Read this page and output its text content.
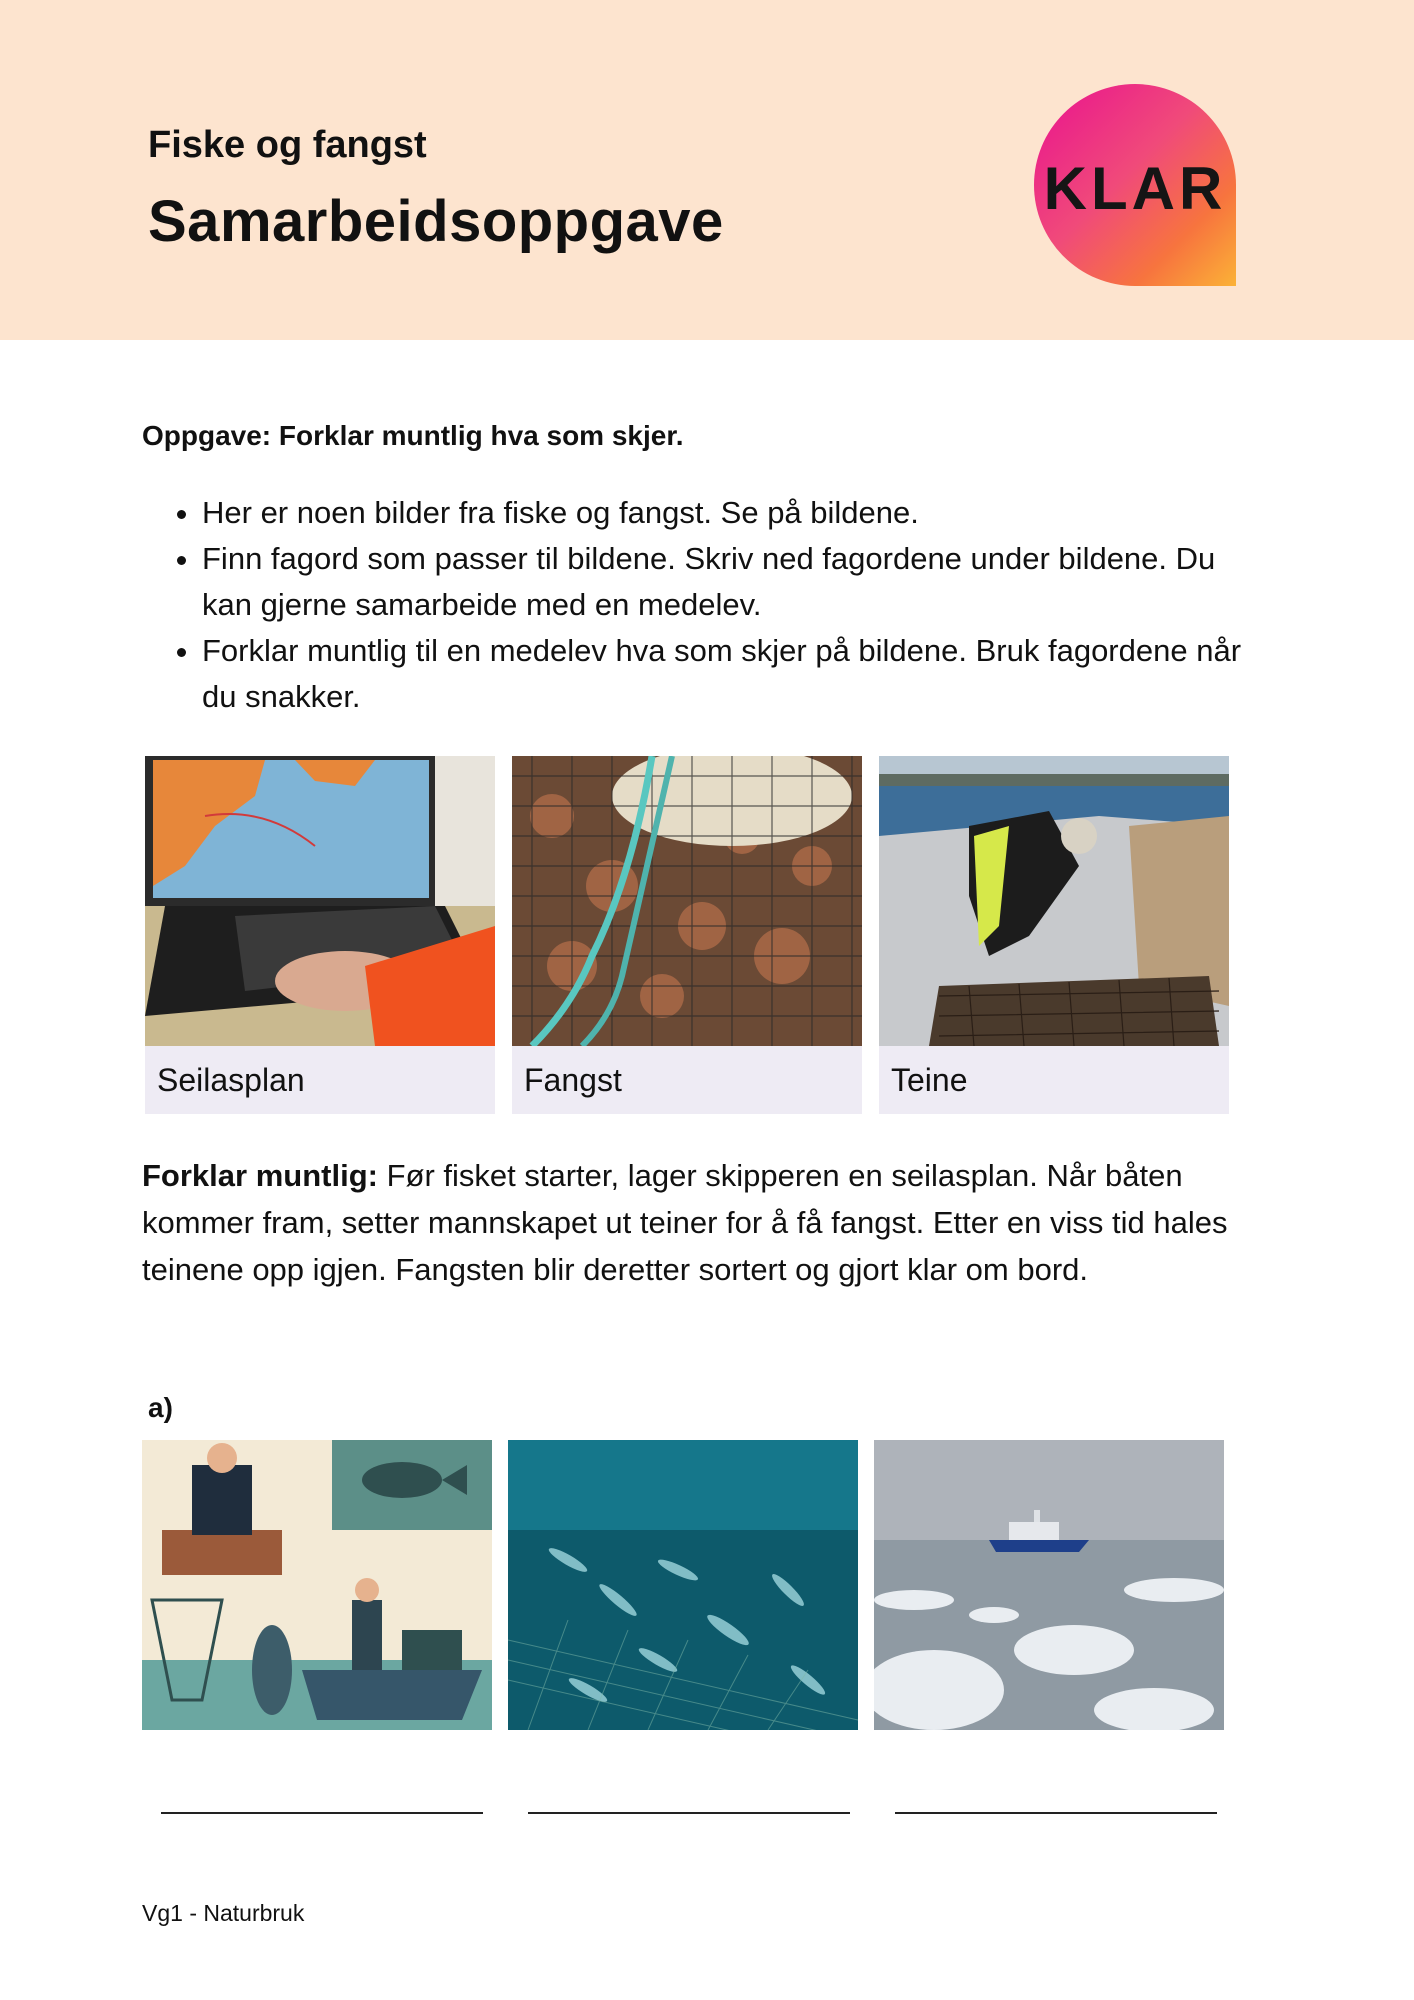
Fiske og fangst
Samarbeidsoppgave	KLAR
Oppgave: Forklar muntlig hva som skjer.
• Her er noen bilder fra fiske og fangst. Se på bildene.
• Finn fagord som passer til bildene. Skriv ned fagordene under bildene. Du kan gjerne samarbeide med en medelev.
• Forklar muntlig til en medelev hva som skjer på bildene. Bruk fagordene når du snakker.
Seilasplan	Fangst	Teine
Forklar muntlig: Før fisket starter, lager skipperen en seilasplan. Når båten kommer fram, setter mannskapet ut teiner for å få fangst. Etter en viss tid hales teinene opp igjen. Fangsten blir deretter sortert og gjort klar om bord.
a)
Vg1 - Naturbruk
